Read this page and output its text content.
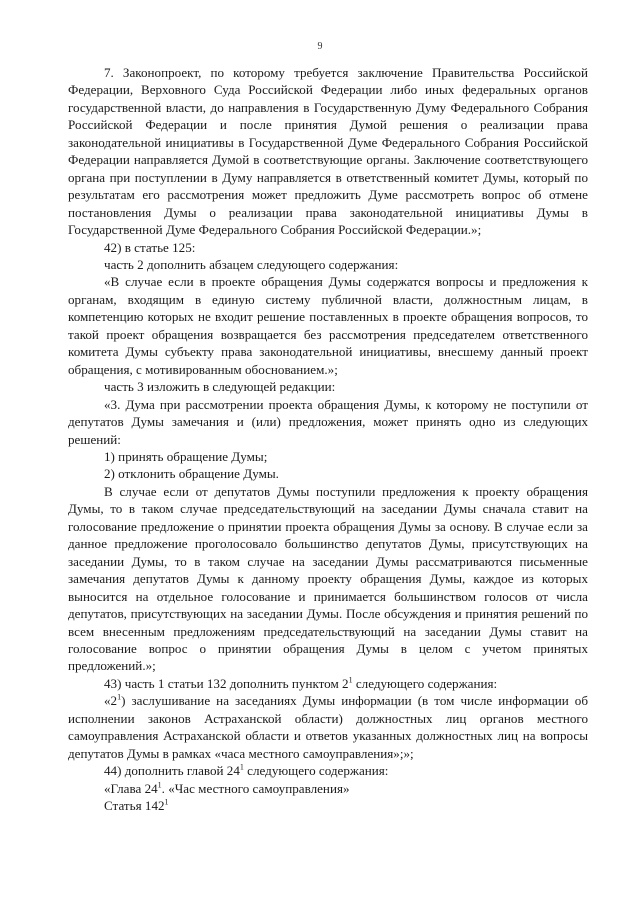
9

7. Законопроект, по которому требуется заключение Правительства Российской Федерации, Верховного Суда Российской Федерации либо иных федеральных органов государственной власти, до направления в Государственную Думу Федерального Собрания Российской Федерации и после принятия Думой решения о реализации права законодательной инициативы в Государственной Думе Федерального Собрания Российской Федерации направляется Думой в соответствующие органы. Заключение соответствующего органа при поступлении в Думу направляется в ответственный комитет Думы, который по результатам его рассмотрения может предложить Думе рассмотреть вопрос об отмене постановления Думы о реализации права законодательной инициативы Думы в Государственной Думе Федерального Собрания Российской Федерации.»;

42) в статье 125:

часть 2 дополнить абзацем следующего содержания:

«В случае если в проекте обращения Думы содержатся вопросы и предложения к органам, входящим в единую систему публичной власти, должностным лицам, в компетенцию которых не входит решение поставленных в проекте обращения вопросов, то такой проект обращения возвращается без рассмотрения председателем ответственного комитета Думы субъекту права законодательной инициативы, внесшему данный проект обращения, с мотивированным обоснованием.»;

часть 3 изложить в следующей редакции:

«3. Дума при рассмотрении проекта обращения Думы, к которому не поступили от депутатов Думы замечания и (или) предложения, может принять одно из следующих решений:

1) принять обращение Думы;

2) отклонить обращение Думы.

В случае если от депутатов Думы поступили предложения к проекту обращения Думы, то в таком случае председательствующий на заседании Думы сначала ставит на голосование предложение о принятии проекта обращения Думы за основу. В случае если за данное предложение проголосовало большинство депутатов Думы, присутствующих на заседании Думы, то в таком случае на заседании Думы рассматриваются письменные замечания депутатов Думы к данному проекту обращения Думы, каждое из которых выносится на отдельное голосование и принимается большинством голосов от числа депутатов, присутствующих на заседании Думы. После обсуждения и принятия решений по всем внесенным предложениям председательствующий на заседании Думы ставит на голосование вопрос о принятии обращения Думы в целом с учетом принятых предложений.»;

43) часть 1 статьи 132 дополнить пунктом $2^1$ следующего содержания:

«$2^1$) заслушивание на заседаниях Думы информации (в том числе информации об исполнении законов Астраханской области) должностных лиц органов местного самоуправления Астраханской области и ответов указанных должностных лиц на вопросы депутатов Думы в рамках «часа местного самоуправления»;»;

44) дополнить главой $24^1$ следующего содержания:

«Глава $24^1$. «Час местного самоуправления»

Статья $142^1$
